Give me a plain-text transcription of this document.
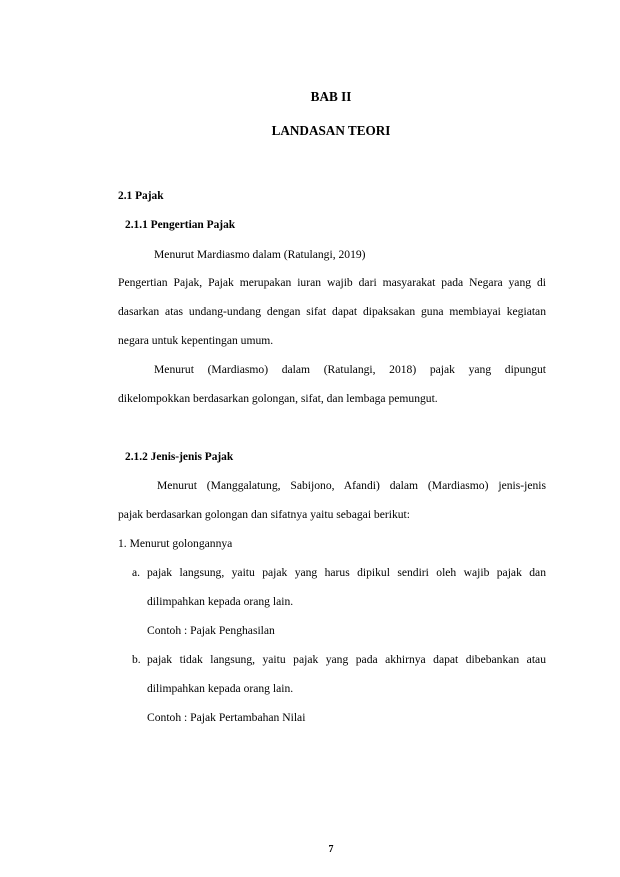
BAB II
LANDASAN TEORI
2.1 Pajak
2.1.1 Pengertian Pajak
Menurut Mardiasmo dalam (Ratulangi, 2019)
Pengertian Pajak, Pajak merupakan iuran wajib dari masyarakat pada Negara yang di
dasarkan atas undang-undang dengan sifat dapat dipaksakan guna membiayai kegiatan
negara untuk kepentingan umum.
Menurut (Mardiasmo) dalam (Ratulangi, 2018) pajak yang dipungut
dikelompokkan berdasarkan golongan, sifat, dan lembaga pemungut.
2.1.2 Jenis-jenis Pajak
Menurut (Manggalatung, Sabijono, Afandi) dalam (Mardiasmo) jenis-jenis
pajak berdasarkan golongan dan sifatnya yaitu sebagai berikut:
1. Menurut golongannya
a. pajak langsung, yaitu pajak yang harus dipikul sendiri oleh wajib pajak dan
dilimpahkan kepada orang lain.
Contoh : Pajak Penghasilan
b. pajak tidak langsung, yaitu pajak yang pada akhirnya dapat dibebankan atau
dilimpahkan kepada orang lain.
Contoh : Pajak Pertambahan Nilai
7
